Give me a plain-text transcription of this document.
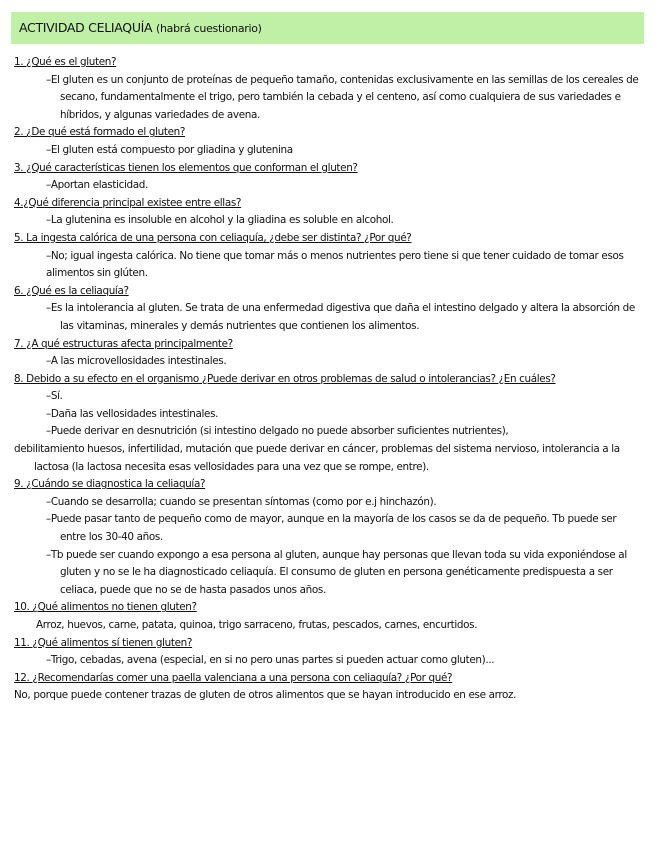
ACTIVIDAD CELIAQUÍA (habrá cuestionario)
1. ¿Qué es el gluten?
–El gluten es un conjunto de proteínas de pequeño tamaño, contenidas exclusivamente en las semillas de los cereales de secano, fundamentalmente el trigo, pero también la cebada y el centeno, así como cualquiera de sus variedades e híbridos, y algunas variedades de avena.
2. ¿De qué está formado el gluten?
–El gluten está compuesto por gliadina y glutenina
3. ¿Qué características tienen los elementos que conforman el gluten?
–Aportan elasticidad.
4.¿Qué diferencia principal existee entre ellas?
–La glutenina es insoluble en alcohol y la gliadina es soluble en alcohol.
5. La ingesta calórica de una persona con celiaquía, ¿debe ser distinta? ¿Por qué?
–No; igual ingesta calórica. No tiene que tomar más o menos nutrientes pero tiene si que tener cuidado de tomar esos alimentos sin glúten.
6. ¿Qué es la celiaquía?
–Es la intolerancia al gluten. Se trata de una enfermedad digestiva que daña el intestino delgado y altera la absorción de las vitaminas, minerales y demás nutrientes que contienen los alimentos.
7. ¿A qué estructuras afecta principalmente?
–A las microvellosidades intestinales.
8. Debido a su efecto en el organismo ¿Puede derivar en otros problemas de salud o intolerancias? ¿En cuáles?
–Sí.
–Daña las vellosidades intestinales.
–Puede derivar en desnutrición (si intestino delgado no puede absorber suficientes nutrientes),
debilitamiento huesos, infertilidad, mutación que puede derivar en cáncer, problemas del sistema nervioso, intolerancia a la lactosa (la lactosa necesita esas vellosidades para una vez que se rompe, entre).
9. ¿Cuándo se diagnostica la celiaquía?
–Cuando se desarrolla; cuando se presentan síntomas (como por e.j hinchazón).
–Puede pasar tanto de pequeño como de mayor, aunque en la mayoría de los casos se da de pequeño. Tb puede ser entre los 30-40 años.
–Tb puede ser cuando expongo a esa persona al gluten, aunque hay personas que llevan toda su vida exponiéndose al gluten y no se le ha diagnosticado celiaquía. El consumo de gluten en persona genéticamente predispuesta a ser celiaca, puede que no se de hasta pasados unos años.
10. ¿Qué alimentos no tienen gluten?
Arroz, huevos, carne, patata, quinoa, trigo sarraceno, frutas, pescados, carnes, encurtidos.
11. ¿Qué alimentos sí tienen gluten?
–Trigo, cebadas, avena (especial, en si no pero unas partes si pueden actuar como gluten)...
12. ¿Recomendarías comer una paella valenciana a una persona con celiaquía? ¿Por qué?
No, porque puede contener trazas de gluten de otros alimentos que se hayan introducido en ese arroz.
